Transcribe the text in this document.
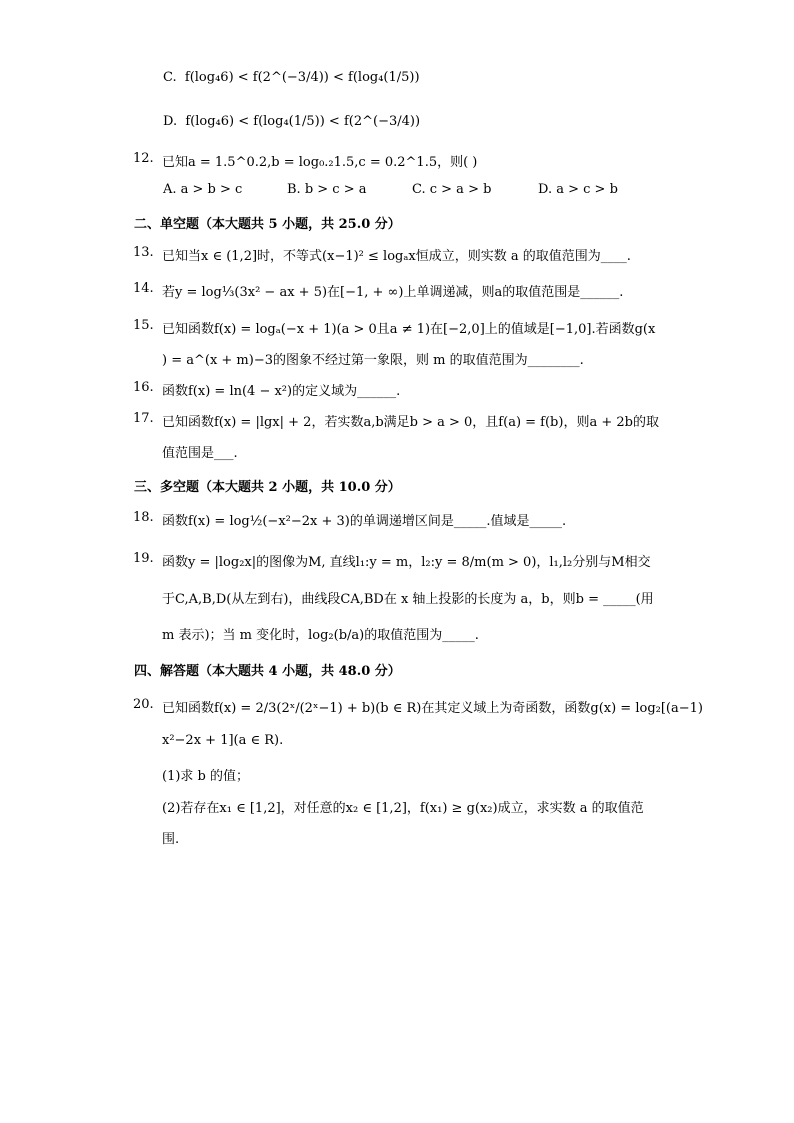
C. f(log₄6) < f(2^(−3/4)) < f(log₄(1/5))
D. f(log₄6) < f(log₄(1/5)) < f(2^(−3/4))
12. 已知a = 1.5^0.2,b = log₀.₂1.5,c = 0.2^1.5，则( )
A. a > b > c	B. b > c > a	C. c > a > b	D. a > c > b
二、单空题（本大题共 5 小题，共 25.0 分）
13. 已知当x ∈ (1,2]时，不等式(x−1)² ≤ logₐx恒成立，则实数 a 的取值范围为____.
14. 若y = log⅓(3x² − ax + 5)在[−1, + ∞)上单调递减，则a的取值范围是______.
15. 已知函数f(x) = logₐ(−x + 1)(a > 0且a ≠ 1)在[−2,0]上的值域是[−1,0].若函数g(x
) = a^(x + m)−3的图象不经过第一象限，则 m 的取值范围为________.
16. 函数f(x) = ln(4 − x²)的定义域为______.
17. 已知函数f(x) = |lgx| + 2，若实数a,b满足b > a > 0，且f(a) = f(b)，则a + 2b的取
值范围是___.
三、多空题（本大题共 2 小题，共 10.0 分）
18. 函数f(x) = log½(−x²−2x + 3)的单调递增区间是_____.值域是_____.
19. 函数y = |log₂x|的图像为M, 直线l₁:y = m，l₂:y = 8/m(m > 0)，l₁,l₂分别与M相交
于C,A,B,D(从左到右)，曲线段CA,BD在 x 轴上投影的长度为 a，b，则b = _____(用
m 表示)；当 m 变化时，log₂(b/a)的取值范围为_____.
四、解答题（本大题共 4 小题，共 48.0 分）
20. 已知函数f(x) = 2/3(2ˣ/(2ˣ−1) + b)(b ∈ R)在其定义域上为奇函数，函数g(x) = log₂[(a−1)
x²−2x + 1](a ∈ R).
(1)求 b 的值；
(2)若存在x₁ ∈ [1,2]，对任意的x₂ ∈ [1,2]，f(x₁) ≥ g(x₂)成立，求实数 a 的取值范
围.
